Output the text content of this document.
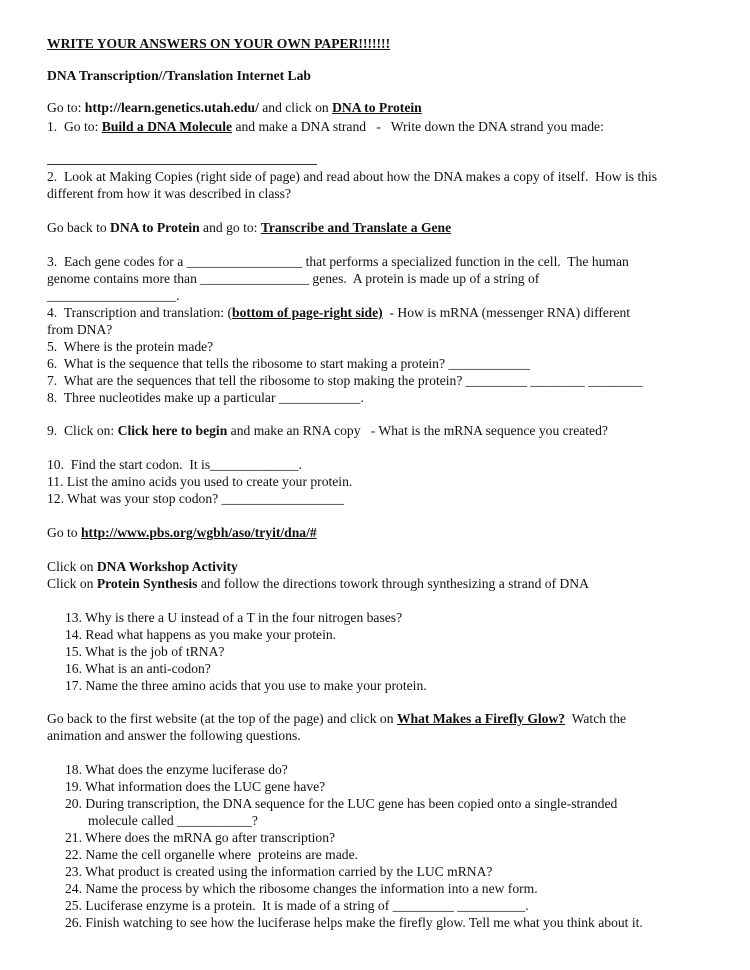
WRITE YOUR ANSWERS ON YOUR OWN PAPER!!!!!!!
DNA Transcription//Translation Internet Lab
Go to: http://learn.genetics.utah.edu/ and click on DNA to Protein
1.  Go to: Build a DNA Molecule and make a DNA strand   -   Write down the DNA strand you made:
2.  Look at Making Copies (right side of page) and read about how the DNA makes a copy of itself.  How is this
different from how it was described in class?
Go back to DNA to Protein and go to: Transcribe and Translate a Gene
3.  Each gene codes for a _________________ that performs a specialized function in the cell.  The human
genome contains more than ________________ genes.  A protein is made up of a string of
___________________.
4.  Transcription and translation: (bottom of page-right side)  - How is mRNA (messenger RNA) different
from DNA?
5.  Where is the protein made?
6.  What is the sequence that tells the ribosome to start making a protein? ____________
7.  What are the sequences that tell the ribosome to stop making the protein? _________ ________ ________
8.  Three nucleotides make up a particular ____________.
9.  Click on: Click here to begin and make an RNA copy   - What is the mRNA sequence you created?
10.  Find the start codon.  It is_____________.
11. List the amino acids you used to create your protein.
12. What was your stop codon? __________________
Go to http://www.pbs.org/wgbh/aso/tryit/dna/#
Click on DNA Workshop Activity
Click on Protein Synthesis and follow the directions towork through synthesizing a strand of DNA
13. Why is there a U instead of a T in the four nitrogen bases?
14. Read what happens as you make your protein.
15. What is the job of tRNA?
16. What is an anti-codon?
17. Name the three amino acids that you use to make your protein.
Go back to the first website (at the top of the page) and click on What Makes a Firefly Glow?  Watch the
animation and answer the following questions.
18. What does the enzyme luciferase do?
19. What information does the LUC gene have?
20. During transcription, the DNA sequence for the LUC gene has been copied onto a single-stranded
molecule called ___________?
21. Where does the mRNA go after transcription?
22. Name the cell organelle where  proteins are made.
23. What product is created using the information carried by the LUC mRNA?
24. Name the process by which the ribosome changes the information into a new form.
25. Luciferase enzyme is a protein.  It is made of a string of _________ __________.
26. Finish watching to see how the luciferase helps make the firefly glow. Tell me what you think about it.
